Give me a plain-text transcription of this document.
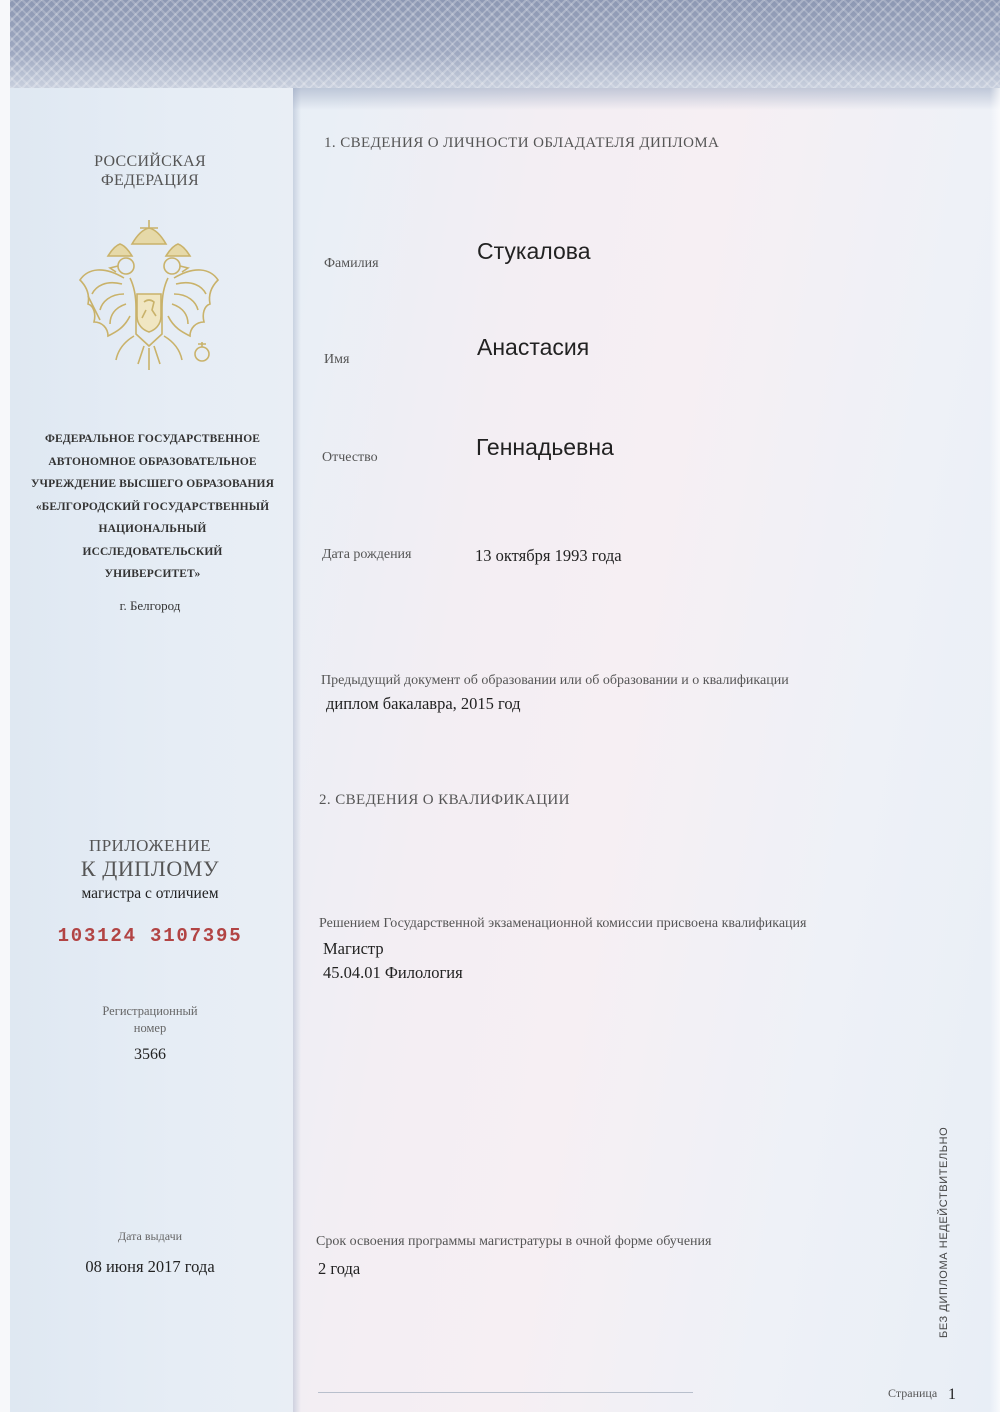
РОССИЙСКАЯ
ФЕДЕРАЦИЯ
ФЕДЕРАЛЬНОЕ ГОСУДАРСТВЕННОЕ
АВТОНОМНОЕ ОБРАЗОВАТЕЛЬНОЕ
УЧРЕЖДЕНИЕ ВЫСШЕГО ОБРАЗОВАНИЯ
«БЕЛГОРОДСКИЙ ГОСУДАРСТВЕННЫЙ
НАЦИОНАЛЬНЫЙ ИССЛЕДОВАТЕЛЬСКИЙ
УНИВЕРСИТЕТ»
г. Белгород
ПРИЛОЖЕНИЕ
К ДИПЛОМУ
магистра с отличием
103124 3107395
Регистрационный
номер
3566
Дата выдачи
08 июня 2017 года
1. СВЕДЕНИЯ О ЛИЧНОСТИ ОБЛАДАТЕЛЯ ДИПЛОМА
Фамилия	Стукалова
Имя	Анастасия
Отчество	Геннадьевна
Дата рождения	13 октября 1993 года
Предыдущий документ об образовании или об образовании и о квалификации
диплом бакалавра, 2015 год
2. СВЕДЕНИЯ О КВАЛИФИКАЦИИ
Решением Государственной экзаменационной комиссии присвоена квалификация
Магистр
45.04.01 Филология
Срок освоения программы магистратуры в очной форме обучения
2 года	БЕЗ ДИПЛОМА НЕДЕЙСТВИТЕЛЬНО
Страница 1
